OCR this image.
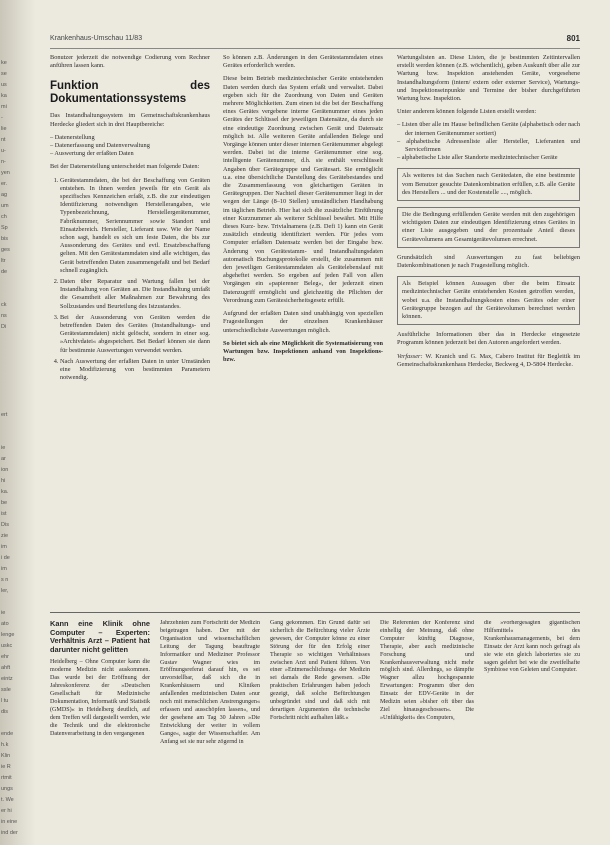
ke
se
us
ka
mi
-
lie
nt
u-
n-
yen
er.
ag
um
ch
Sp
bis
ges
ltr
de
ck
ns
Di
ert
ie
ar
ion
hi
ka.
be
ist
Dis
zie
im
i de
im
s n
ler,
ie
ato
lenge
uskc
ehr
ahft
eintz
ssle
l tu
dis
ende
h.k
Klin
ie R
rtmit
ungs
t. We
er hi
in eine
ind der
Krankenhaus-Umschau 11/83	801

Bonutzer jederzeit die notwendige Codierung vom Rechner anführen lassen kann.

Funktion des Dokumentationssystems

Das Instandhaltungssystem im Gemeinschaftskrankenhaus Herdecke gliedert sich in drei Hauptbereiche:

– Datenerstellung
– Datenerfassung und Datenverwaltung
– Auswertung der erfaßten Daten

Bei der Datenerstellung unterscheidet man folgende Daten:

1. Gerätestammdaten, die bei der Beschaffung von Geräten entstehen. In ihnen werden jeweils für ein Gerät als spezifisches Kennzeichen erfaßt, z.B. die zur eindeutigen Identifizierung notwendigen Herstellerangaben, wie Typenbezeichnung, Herstellergerätenummer, Fabriknummer, Seriennummer sowie Standort und Einsatzbereich. Hersteller, Lieferant usw. Wie der Name schon sagt, handelt es sich um feste Daten, die bis zur Aussonderung des Gerätes und evtl. Ersatzbeschaffung gelten. Mit den Gerätestammdaten sind alle wichtigen, das Gerät betreffenden Daten zusammengefaßt und bei Bedarf schnell zugänglich.
2. Daten über Reparatur und Wartung fallen bei der Instandhaltung von Geräten an. Die Instandhaltung umfaßt die Gesamtheit aller Maßnahmen zur Bewahrung des Sollzustandes und Beurteilung des Istzustandes.
3. Bei der Aussonderung von Geräten werden die betreffenden Daten des Gerätes (Instandhaltungs- und Gerätestammdaten) nicht gelöscht, sondern in einer sog. »Archivdatei« abgespeichert. Bei Bedarf können sie dann für bestimmte Auswertungen verwendet werden.
4. Nach Auswertung der erfaßten Daten in unter Umständen eine Modifizierung von bestimmten Parametern notwendig.

So können z.B. Änderungen in den Gerätestammdaten eines Gerätes erforderlich werden.

Diese beim Betrieb medizintechnischer Geräte entstehenden Daten werden durch das System erfaßt und verwaltet. Dabei ergeben sich für die Zuordnung von Daten und Geräten mehrere Möglichkeiten. Zum einen ist die bei der Beschaffung eines Gerätes vergebene interne Gerätenummer eines jeden Gerätes der Schlüssel der jeweiligen Datensätze, da durch sie eine eindeutige Zuordnung zwischen Gerät und Datensatz möglich ist. Alle weiteren Geräte anfallenden Belege und Vorgänge können unter dieser internen Gerätenummer abgelegt werden. Dabei ist die interne Gerätenummer eine sog. intelligente Gerätenummer, d.h. sie enthält verschlüsselt Angaben über Gerätegruppe und Gerätesart. Sie ermöglicht u.a. eine übersichtliche Darstellung des Gerätebestandes und die Zusammenfassung von gleichartigen Geräten in Gerätegruppen. Der Nachteil dieser Gerätenummer liegt in der wegen der Länge (8–10 Stellen) umständlichen Handhabung im täglichen Betrieb. Hier hat sich die zusätzliche Einführung einer Kurznummer als weiterer Schlüssel bewährt. Mit Hilfe dieses Kurz- bzw. Trivialnamens (z.B. Defi 1) kann ein Gerät zusätzlich eindeutig identifiziert werden. Für jedes vom Computer erfaßten Datensatz werden bei der Eingabe bzw. Änderung von Gerätestamm- und Instandhaltungsdaten automatisch Buchungsprotokolle erstellt, die zusammen mit den jeweiligen Gerätestammdaten als Gerätelebenslauf mit abgeheftet werden. So ergeben auf jeden Fall von allen Vorgängen ein »papierener Beleg«, der jederzeit einen Datenzugriff ermöglicht und gleichzeitig die Pflichten der Verordnung zum Gerätesicherheitsgesetz erfüllt.

Aufgrund der erfaßten Daten sind unabhängig von speziellen Fragestellungen der einzelnen Krankenhäuser unterschiedlichste Auswertungen möglich.

So bietet sich als eine Möglichkeit die Systematisierung von Wartungen bzw. Inspektionen anhand von Inspektions- bzw.

Wartungslisten an. Diese Listen, die je bestimmten Zeitintervallen erstellt werden können (z.B. wöchentlich), geben Auskunft über alle zur Wartung bzw. Inspektion anstehenden Geräte, vorgesehene Instandhaltungsform (intern/ extern oder externer Service), Wartungs- und Inspektionseinpunkte und Termine der bisher durchgeführten Wartung bzw. Inspektion.

Unter anderem können folgende Listen erstellt werden:

– Listen über alle im Hause befindlichen Geräte (alphabetisch oder nach der internen Gerätenummer sortiert)
– alphabetische Adressenliste aller Hersteller, Lieferanten und Servicefirmen
– alphabetische Liste aller Standorte medizintechnischer Geräte
Als weiteres ist das Suchen nach Gerätedaten, die eine bestimmte vom Benutzer gesuchte Datenkombination erfüllen, z.B. alle Geräte des Herstellers ... und der Kostenstelle ...., möglich.
Die die Bedingung erfüllenden Geräte werden mit den zugehörigen wichtigsten Daten zur eindeutigen Identifizierung eines Gerätes in einer Liste ausgegeben und der prozentuale Anteil dieses Gerätevolumens am Gesamtgerätevolumen errechnet.

Grundsätzlich sind Auswertungen zu fast beliebigen Datenkombinationen je nach Fragestellung möglich.

Als Beispiel können Aussagen über die beim Einsatz medizintechnischer Geräte entstehenden Kosten getroffen werden, wobei u.a. die Instandhaltungskosten eines Gerätes oder einer Gerätegruppe bezogen auf ihr Gerätevolumen berechnet werden können.

Ausführliche Informationen über das in Herdecke eingesetzte Programm können jederzeit bei den Autoren angefordert werden.

Verfasser: W. Kranich und G. Max, Cabero Institut für Begleitik im Gemeinschaftskrankenhaus Herdecke, Beckweg 4, D-5804 Herdecke.

Kann eine Klinik ohne Computer – Experten: Verhältnis Arzt – Patient hat darunter nicht gelitten

Heidelberg – Ohne Computer kann die moderne Medizin nicht auskommen. Das wurde bei der Eröffnung der Jahreskonferenz der »Deutschen Gesellschaft für Medizinische Dokumentation, Informatik und Statistik (GMDS)« in Heidelberg deutlich, auf dem Treffen will dargestellt werden, wie die Technik und die elektronische Datenverarbeitung in den vergangenen

Jahrzehnten zum Fortschritt der Medizin beigetragen haben. Der mit der Organisation und wissenschaftlichen Leitung der Tagung beauftragte Informatiker und Mediziner Professor Gustav Wagner wies im Eröffnungsreferat darauf hin, es sei unvorstellbar, daß sich die in Krankenhäusern und Kliniken anfallenden medizinischen Daten »nur noch mit menschlichen Anstrengungen« erfassen und ausschöpfen lassen«, und der gesehene am Tag 30 Jahren »Die Entwicklung der weiter in vollem Gange«, sagte der Wissenschaftler. Am Anfang sei sie nur sehr zögernd in

Gang gekommen. Ein Grund dafür sei sicherlich die Befürchtung vieler Ärzte gewesen, der Computer könne zu einer Störung der für den Erfolg einer Therapie so wichtigen Verhältnisses zwischen Arzt und Patient führen. Von einer »Entmenschlichung« der Medizin sei damals die Rede gewesen. »Die praktischen Erfahrungen haben jedoch gezeigt, daß solche Befürchtungen unbegründet sind und daß sich mit derartigen Argumenten die technische Fortschritt nicht aufhalten läßt.«

Die Referenten der Konferenz sind einhellig der Meinung, daß ohne Computer künftig Diagnose, Therapie, aber auch medizinische Forschung und Krankenhausverwaltung nicht mehr möglich sind. Allerdings, so dämpfte Wagner allzu hochgespannte Erwartungen: Programm über den Einsatz der EDV-Geräte in der Medizin seien »bisher oft über das Ziel hinausgeschossen«. Die »Unfähigkeit« des Computers,

die »vorhergesagten gigantischen Hilfsmittel« des Krankenhausmanagements, bei dem Einsatz der Arzt kann noch gefragt als sie wie ein gleich laboriertes sie zu sagen gelehrt bei wie die zweifelhafte Symbiose von Geleien und Computer.
